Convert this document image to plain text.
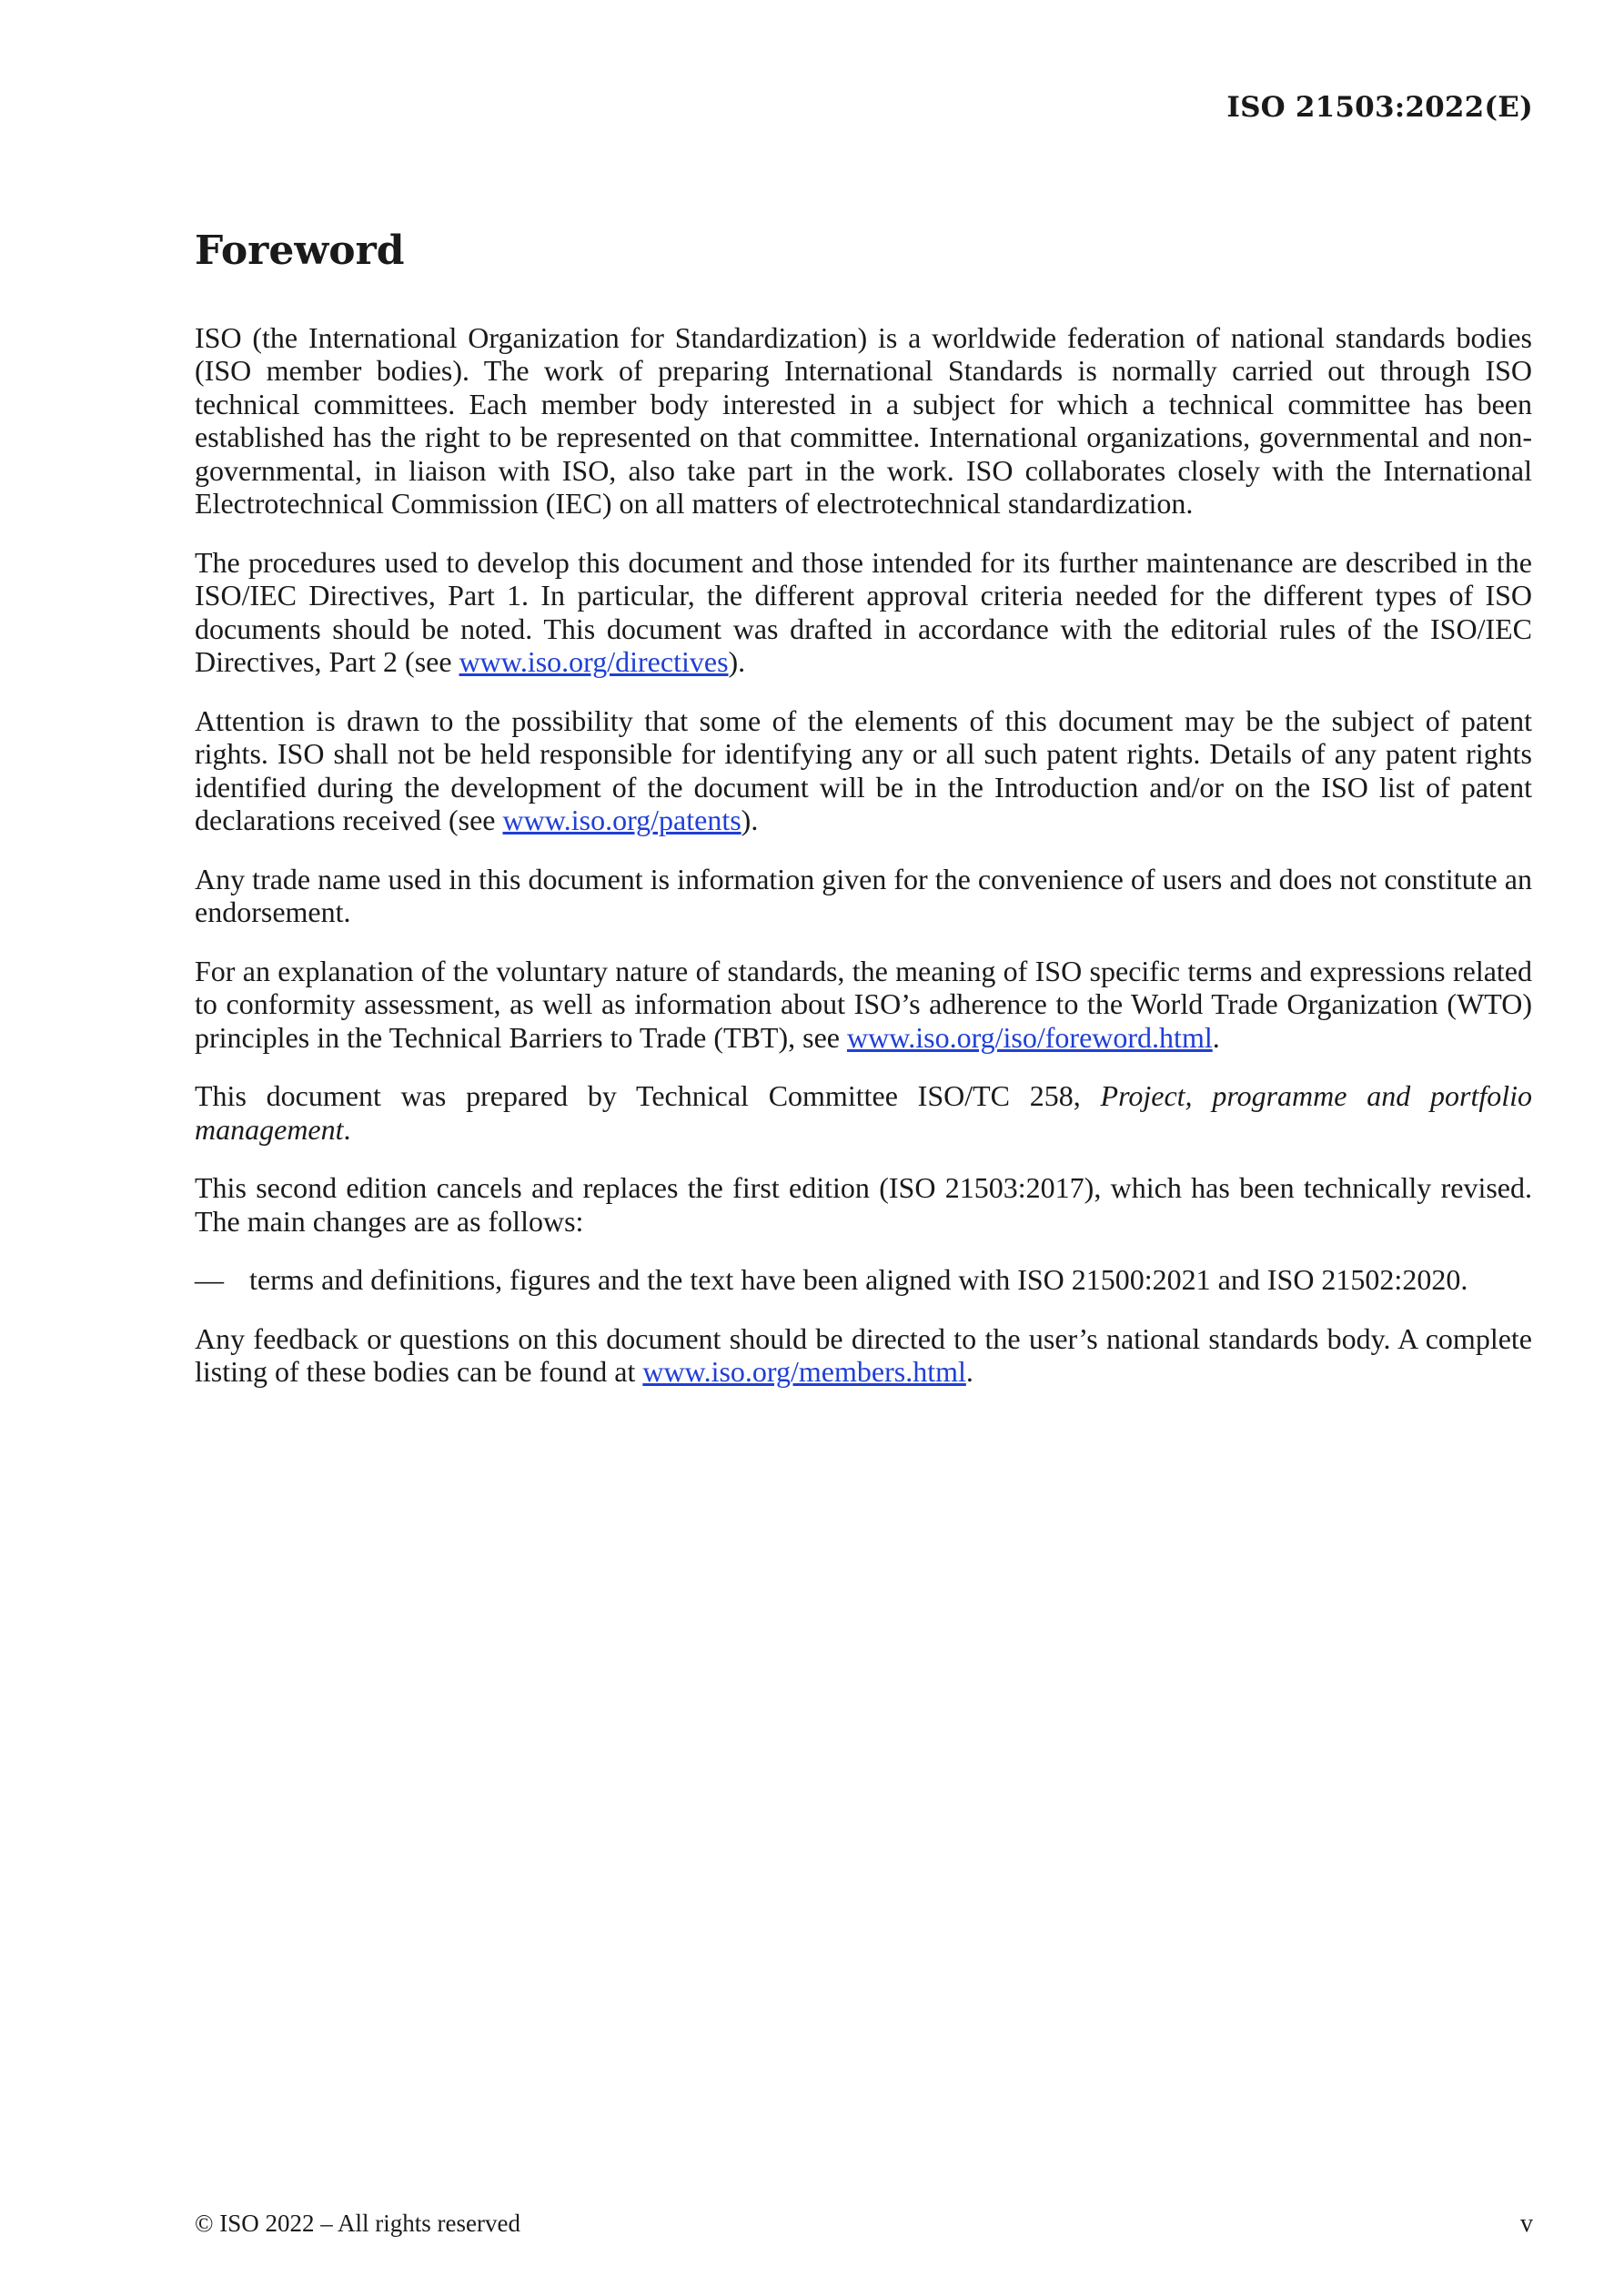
ISO 21503:2022(E)
Foreword

ISO (the International Organization for Standardization) is a worldwide federation of national standards bodies (ISO member bodies). The work of preparing International Standards is normally carried out through ISO technical committees. Each member body interested in a subject for which a technical committee has been established has the right to be represented on that committee. International organizations, governmental and non-governmental, in liaison with ISO, also take part in the work. ISO collaborates closely with the International Electrotechnical Commission (IEC) on all matters of electrotechnical standardization.

The procedures used to develop this document and those intended for its further maintenance are described in the ISO/IEC Directives, Part 1. In particular, the different approval criteria needed for the different types of ISO documents should be noted. This document was drafted in accordance with the editorial rules of the ISO/IEC Directives, Part 2 (see www.iso.org/directives).

Attention is drawn to the possibility that some of the elements of this document may be the subject of patent rights. ISO shall not be held responsible for identifying any or all such patent rights. Details of any patent rights identified during the development of the document will be in the Introduction and/or on the ISO list of patent declarations received (see www.iso.org/patents).

Any trade name used in this document is information given for the convenience of users and does not constitute an endorsement.

For an explanation of the voluntary nature of standards, the meaning of ISO specific terms and expressions related to conformity assessment, as well as information about ISO’s adherence to the World Trade Organization (WTO) principles in the Technical Barriers to Trade (TBT), see www.iso.org/iso/foreword.html.

This document was prepared by Technical Committee ISO/TC 258, Project, programme and portfolio management.

This second edition cancels and replaces the first edition (ISO 21503:2017), which has been technically revised. The main changes are as follows:

— terms and definitions, figures and the text have been aligned with ISO 21500:2021 and ISO 21502:2020.

Any feedback or questions on this document should be directed to the user’s national standards body. A complete listing of these bodies can be found at www.iso.org/members.html.

© ISO 2022 – All rights reserved	v
